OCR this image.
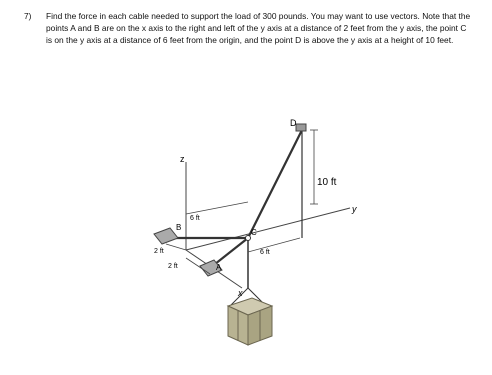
7) Find the force in each cable needed to support the load of 300 pounds. You may want to use vectors. Note that the points A and B are on the x axis to the right and left of the y axis at a distance of 2 feet from the y axis, the point C is on the y axis at a distance of 6 feet from the origin, and the point D is above the y axis at a height of 10 feet.
z
x
y
A
B
C
D
6 ft
6 ft
10 ft
2 ft
2 ft
